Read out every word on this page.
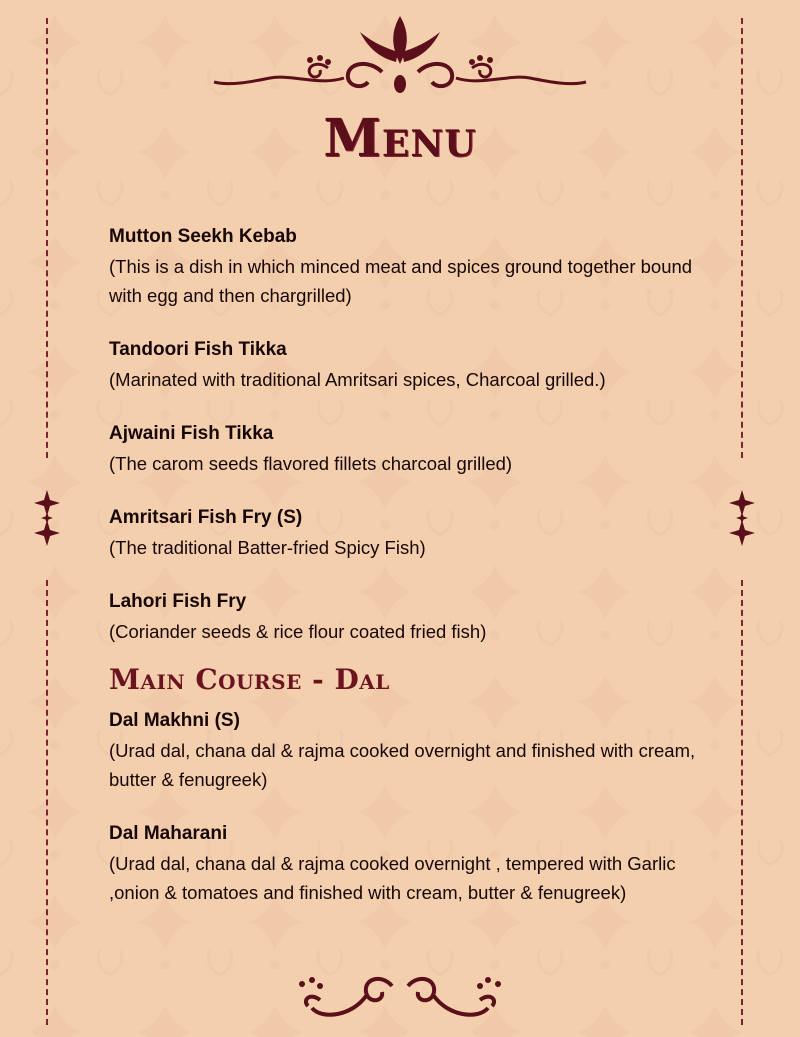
Menu
Mutton Seekh Kebab
(This is a dish in which minced meat and spices ground together bound with egg and then chargrilled)
Tandoori Fish Tikka
(Marinated with traditional Amritsari spices, Charcoal grilled.)
Ajwaini Fish Tikka
(The carom seeds flavored fillets charcoal grilled)
Amritsari Fish Fry (S)
(The traditional Batter-fried Spicy Fish)
Lahori Fish Fry
(Coriander seeds & rice flour coated fried fish)
Main Course - Dal
Dal Makhni (S)
(Urad dal, chana dal & rajma cooked overnight and finished with cream, butter & fenugreek)
Dal Maharani
(Urad dal, chana dal & rajma cooked overnight , tempered with Garlic ,onion & tomatoes and finished with cream, butter & fenugreek)
